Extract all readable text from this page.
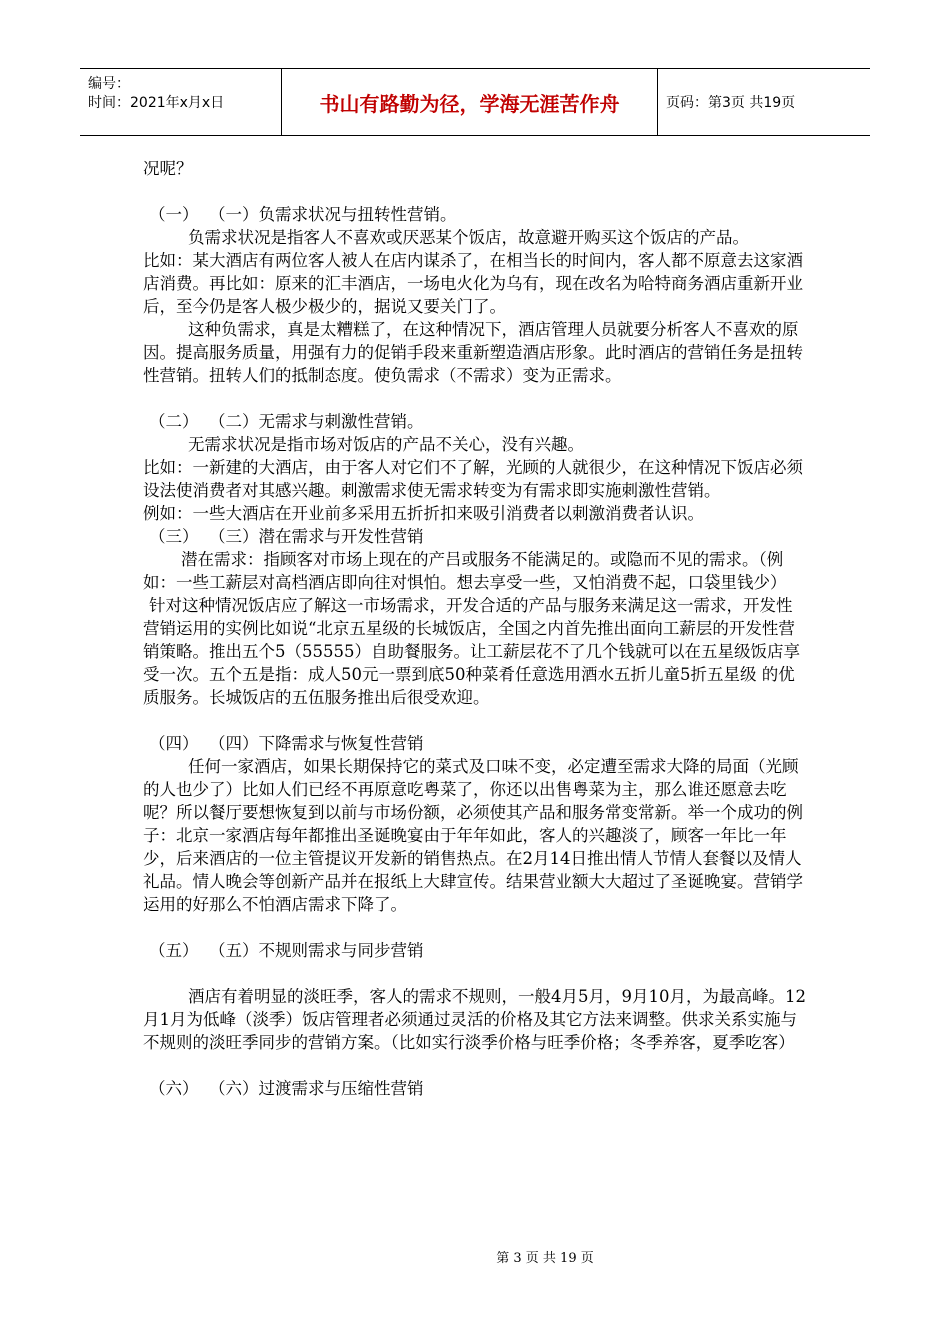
编号：
时间：2021年x月x日	书山有路勤为径，学海无涯苦作舟	页码：第3页 共19页

况呢？

（一） （一）负需求状况与扭转性营销。

负需求状况是指客人不喜欢或厌恶某个饭店，故意避开购买这个饭店的产品。

比如：某大酒店有两位客人被人在店内谋杀了，在相当长的时间内，客人都不原意去这家酒店消费。再比如：原来的汇丰酒店，一场电火化为乌有，现在改名为哈特商务酒店重新开业后，至今仍是客人极少极少的，据说又要关门了。

这种负需求，真是太糟糕了，在这种情况下，酒店管理人员就要分析客人不喜欢的原因。提高服务质量，用强有力的促销手段来重新塑造酒店形象。此时酒店的营销任务是扭转性营销。扭转人们的抵制态度。使负需求（不需求）变为正需求。

（二） （二）无需求与刺激性营销。

无需求状况是指市场对饭店的产品不关心，没有兴趣。

比如：一新建的大酒店，由于客人对它们不了解，光顾的人就很少，在这种情况下饭店必须设法使消费者对其感兴趣。刺激需求使无需求转变为有需求即实施刺激性营销。

例如：一些大酒店在开业前多采用五折折扣来吸引消费者以刺激消费者认识。

（三） （三）潜在需求与开发性营销

潜在需求：指顾客对市场上现在的产吕或服务不能满足的。或隐而不见的需求。（例如：一些工薪层对高档酒店即向往对惧怕。想去享受一些，又怕消费不起，口袋里钱少）

针对这种情况饭店应了解这一市场需求，开发合适的产品与服务来满足这一需求，开发性营销运用的实例比如说“北京五星级的长城饭店，全国之内首先推出面向工薪层的开发性营销策略。推出五个5（55555）自助餐服务。让工薪层花不了几个钱就可以在五星级饭店享受一次。五个五是指：成人50元一票到底50种菜肴任意选用酒水五折儿童5折五星级 的优质服务。长城饭店的五伍服务推出后很受欢迎。

（四） （四）下降需求与恢复性营销

任何一家酒店，如果长期保持它的菜式及口味不变，必定遭至需求大降的局面（光顾的人也少了）比如人们已经不再原意吃粤菜了，你还以出售粤菜为主，那么谁还愿意去吃呢？所以餐厅要想恢复到以前与市场份额，必须使其产品和服务常变常新。举一个成功的例子：北京一家酒店每年都推出圣诞晚宴由于年年如此，客人的兴趣淡了，顾客一年比一年少，后来酒店的一位主管提议开发新的销售热点。在2月14日推出情人节情人套餐以及情人礼品。情人晚会等创新产品并在报纸上大肆宣传。结果营业额大大超过了圣诞晚宴。营销学运用的好那么不怕酒店需求下降了。

（五） （五）不规则需求与同步营销

酒店有着明显的淡旺季，客人的需求不规则，一般4月5月，9月10月，为最高峰。12月1月为低峰（淡季）饭店管理者必须通过灵活的价格及其它方法来调整。供求关系实施与不规则的淡旺季同步的营销方案。（比如实行淡季价格与旺季价格；冬季养客，夏季吃客）

（六） （六）过渡需求与压缩性营销

第 3 页 共 19 页
